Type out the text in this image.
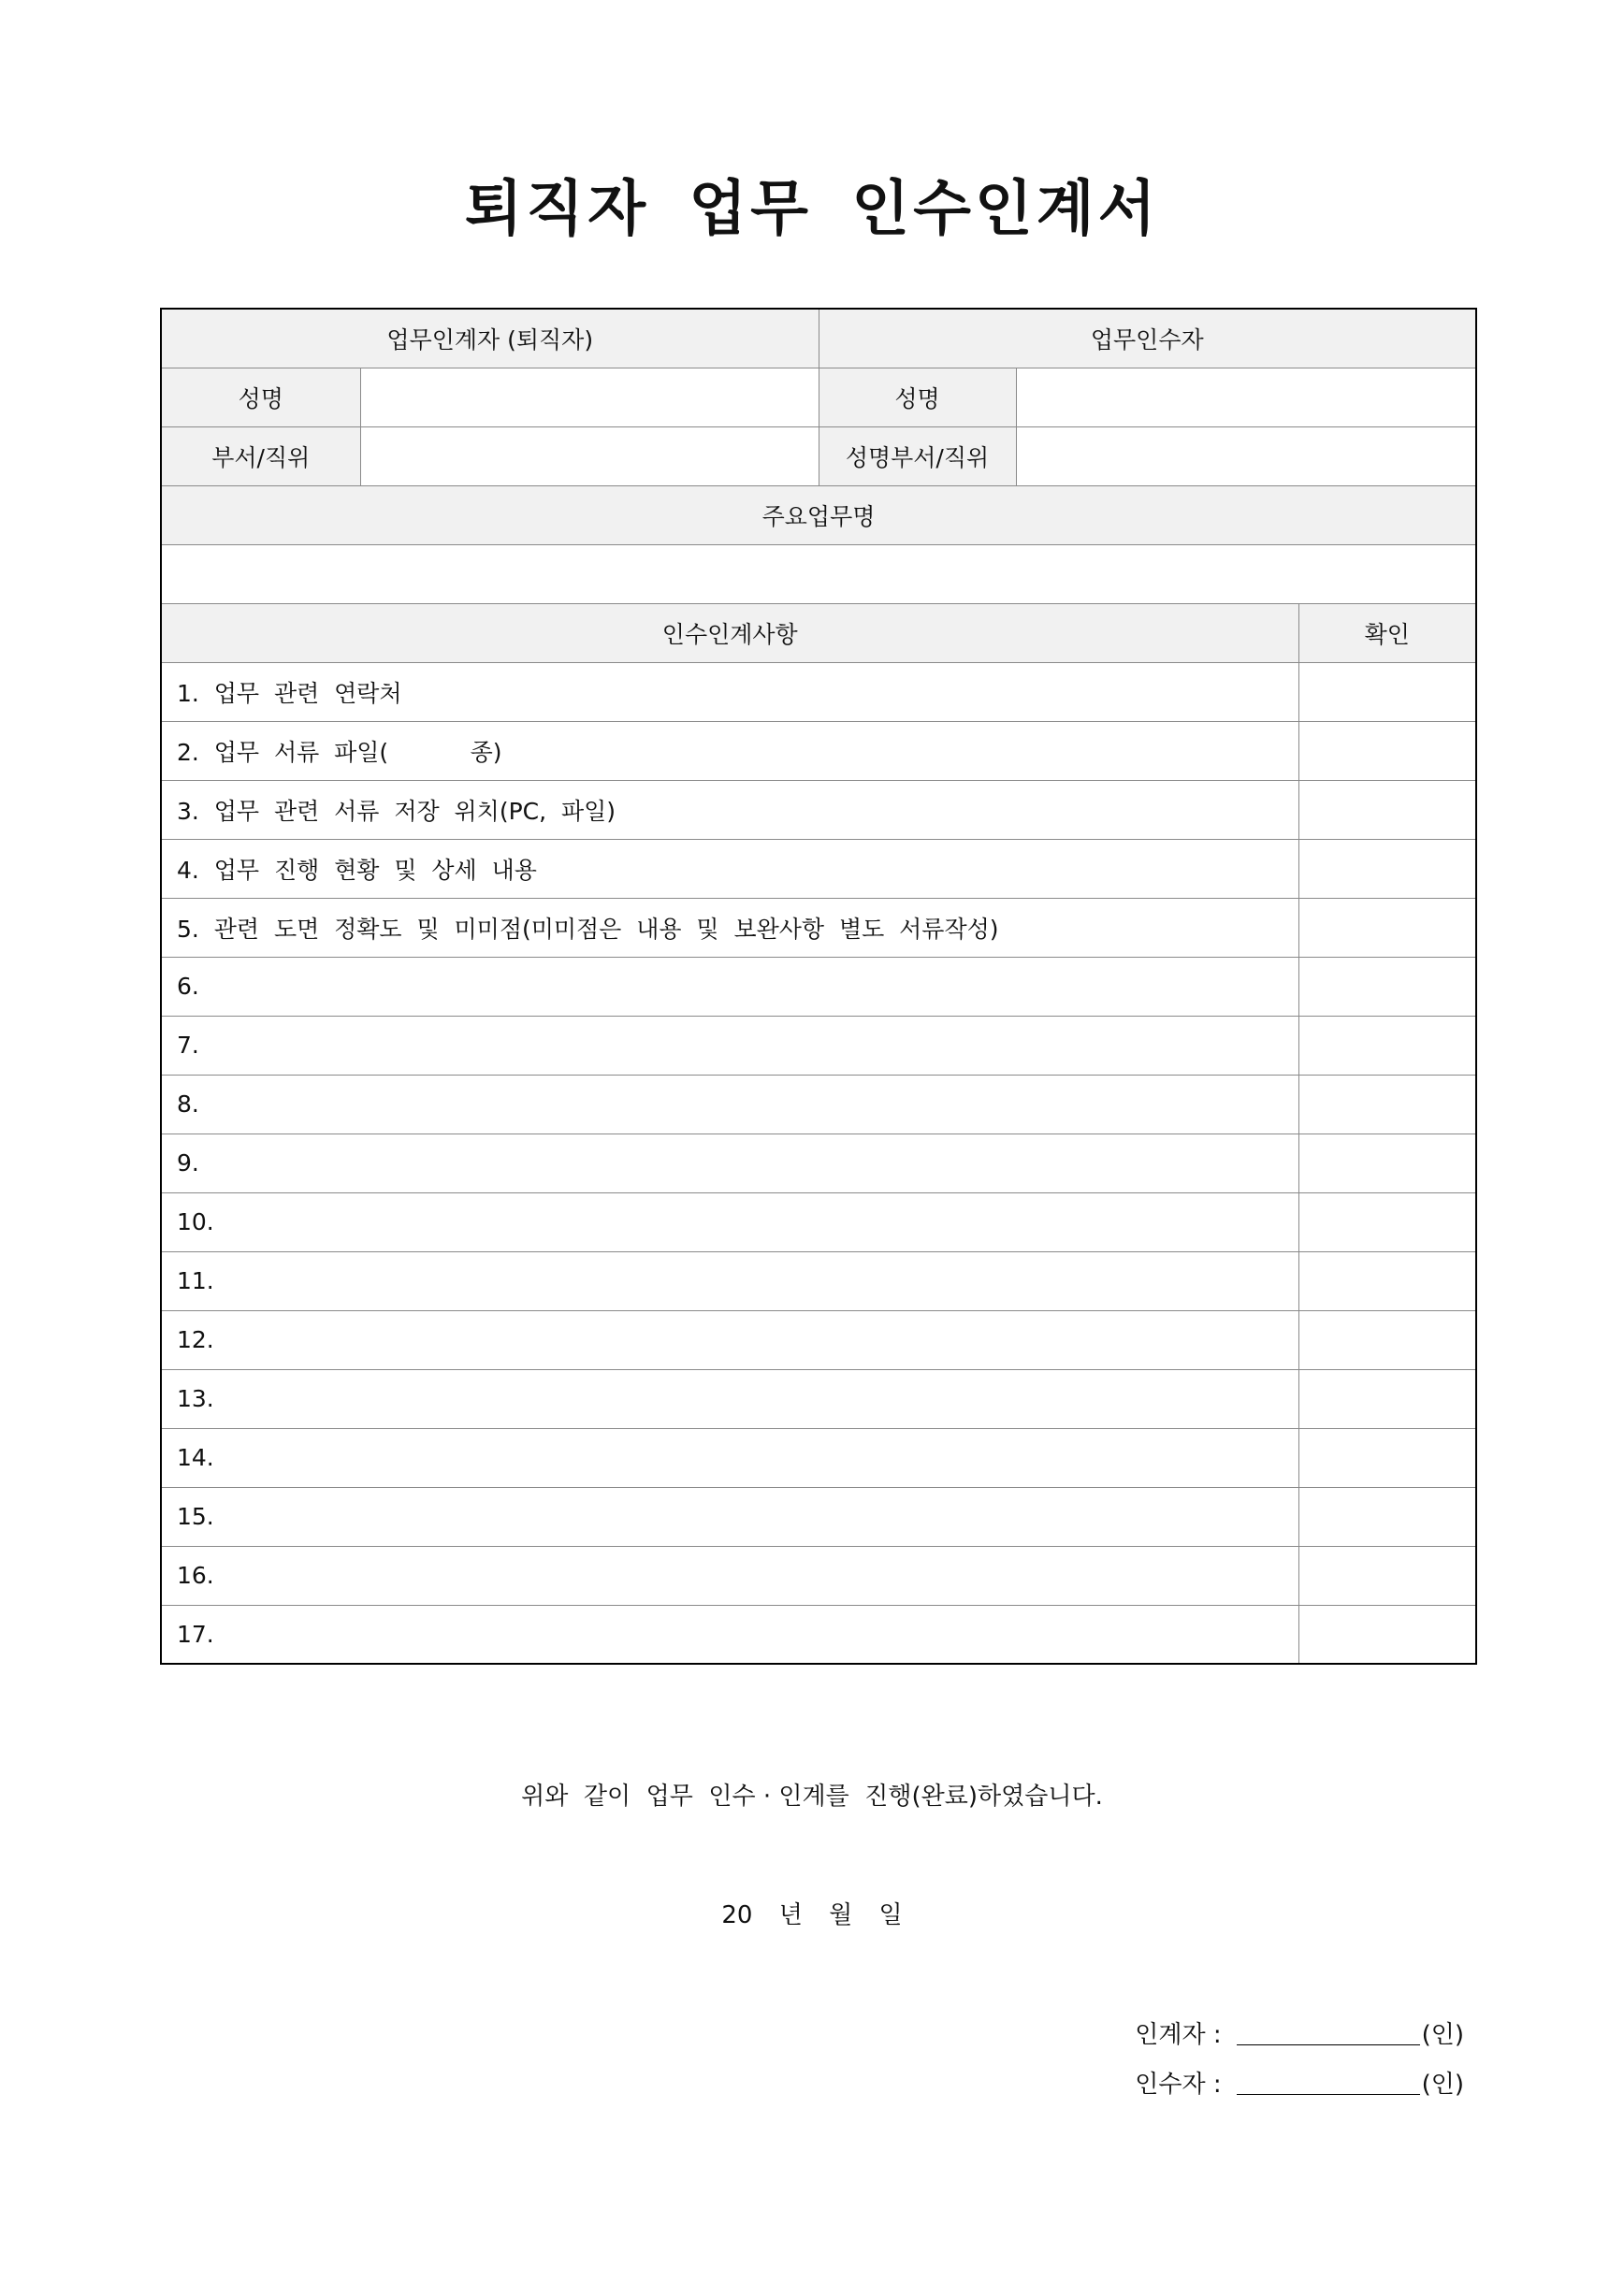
퇴직자 업무 인수인계서
업무인계자 (퇴직자)		업무인수자		
성명		성명		
부서/직위		성명부서/직위		
주요업무명				

인수인계사항				확인
1.  업무  관련  연락처				
2.  업무  서류  파일(           종)				
3.  업무  관련  서류  저장  위치(PC,  파일)				
4.  업무  진행  현황  및  상세  내용				
5.  관련  도면  정확도  및  미미점(미미점은  내용  및  보완사항  별도  서류작성)				
6.				
7.				
8.				
9.				
10.				
11.				
12.				
13.				
14.				
15.				
16.				
17.				
위와  같이  업무  인수 · 인계를  진행(완료)하였습니다.
20 년 월 일
인계자 :	(인)
인수자 :	(인)
